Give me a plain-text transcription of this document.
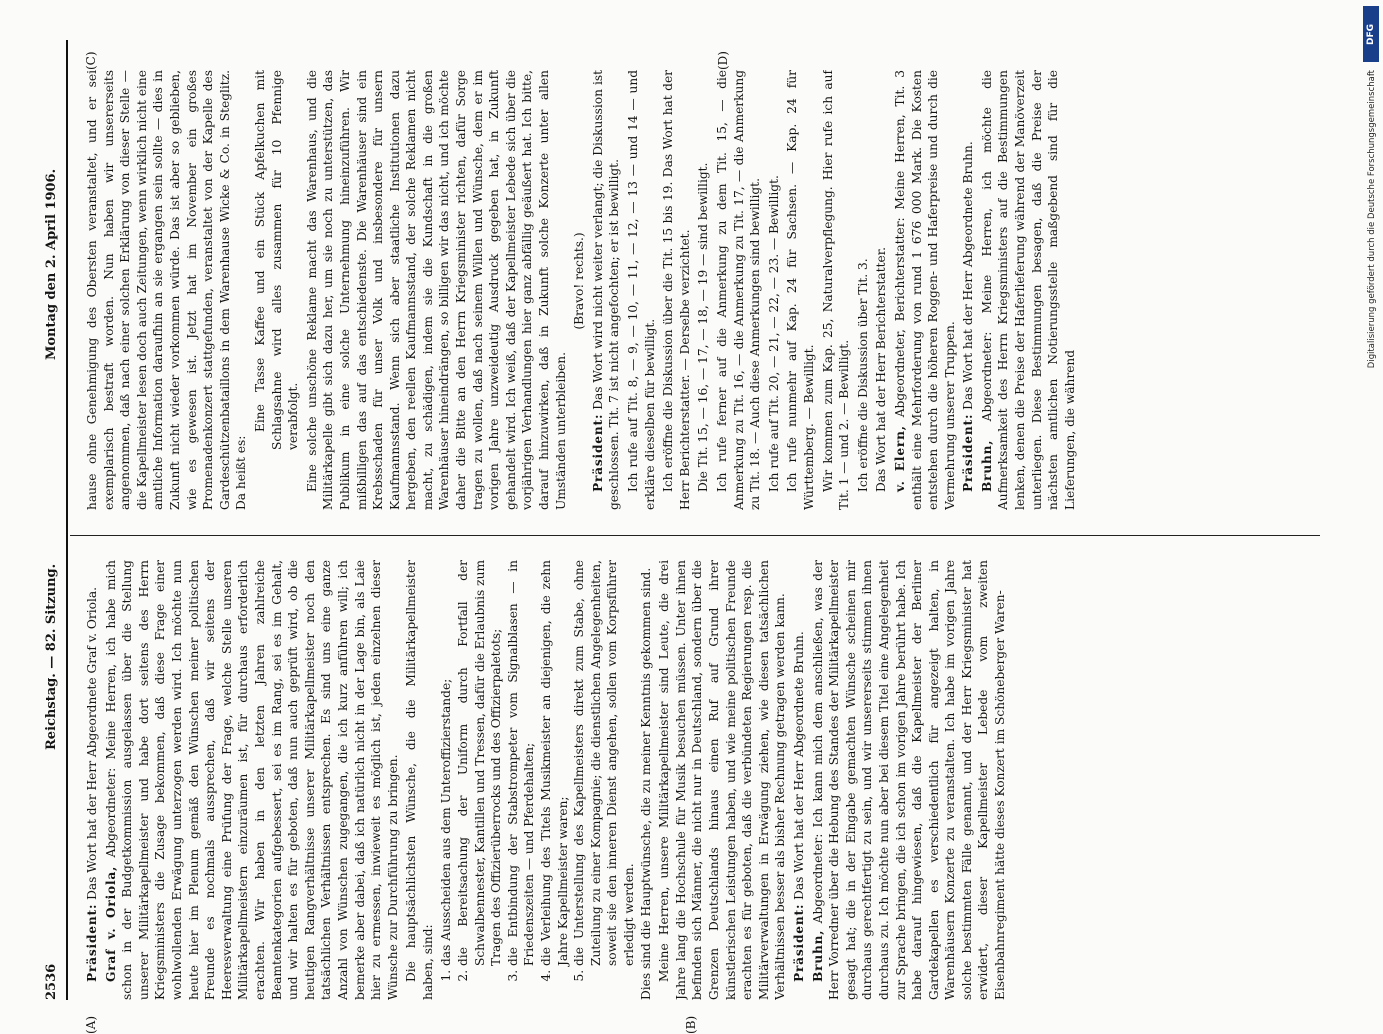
2536
Reichstag. — 82. Sitzung.
Montag den 2. April 1906.
(A)	(B)
(C)	(D)

Präsident: Das Wort hat der Herr Abgeordnete Graf v. Oriola.

Graf v. Oriola, Abgeordneter: Meine Herren, ich habe mich schon in der Budgetkommission ausgelassen über die Stellung unserer Militärkapellmeister und habe dort seitens des Herrn Kriegsministers die Zusage bekommen, daß diese Frage einer wohlwollenden Erwägung unterzogen werden wird. Ich möchte nun heute hier im Plenum gemäß den Wünschen meiner politischen Freunde es nochmals aussprechen, daß wir seitens der Heeresverwaltung eine Prüfung der Frage, welche Stelle unseren Militärkapellmeistern einzuräumen ist, für durchaus erforderlich erachten. Wir haben in den letzten Jahren zahlreiche Beamtenkategorien aufgebessert, sei es im Rang, sei es im Gehalt, und wir halten es für geboten, daß nun auch geprüft wird, ob die heutigen Rangverhältnisse unserer Militärkapellmeister noch den tatsächlichen Verhältnissen entsprechen. Es sind uns eine ganze Anzahl von Wünschen zugegangen, die ich kurz anführen will; ich bemerke aber dabei, daß ich natürlich nicht in der Lage bin, als Laie hier zu ermessen, inwieweit es möglich ist, jeden einzelnen dieser Wünsche zur Durchführung zu bringen. Die hauptsächlichsten Wünsche, die die Militärkapellmeister haben, sind: 1. das Ausscheiden aus dem Unteroffizierstande; 2. die Bereitsachung der Uniform durch Fortfall der Schwalbennester, Kantillen und Tressen, dafür die Erlaubnis zum Tragen des Offizierüberrocks und des Offizierpaletots; 3. die Entbindung der Stabstrompeter vom Signalblasen — in Friedenszeiten — und Pferdehalten; 4. die Verleihung des Titels Musikmeister an diejenigen, die zehn Jahre Kapellmeister waren; 5. die Unterstellung des Kapellmeisters direkt zum Stabe, ohne Zuteilung zu einer Kompagnie; die dienstlichen Angelegenheiten, soweit sie den inneren Dienst angehen, sollen vom Korpsführer erledigt werden. Dies sind die Hauptwünsche, die zu meiner Kenntnis gekommen sind. Meine Herren, unsere Militärkapellmeister sind Leute, die drei Jahre lang die Hochschule für Musik besuchen müssen. Unter ihnen befinden sich Männer, die nicht nur in Deutschland, sondern über die Grenzen Deutschlands hinaus einen Ruf auf Grund ihrer künstlerischen Leistungen haben, und wie meine politischen Freunde erachten es für geboten, daß die verbündeten Regierungen resp. die Militärverwaltungen in Erwägung ziehen, wie diesen tatsächlichen Verhältnissen besser als bisher Rechnung getragen werden kann. Präsident: Das Wort hat der Herr Abgeordnete Bruhn.

Bruhn, Abgeordneter: Ich kann mich dem anschließen, was der Herr Vorredner über die Hebung des Standes der Militärkapellmeister gesagt hat; die in der Eingabe gemachten Wünsche scheinen mir durchaus gerechtfertigt zu sein, und wir unsererseits stimmen ihnen durchaus zu. Ich möchte nun aber bei diesem Titel eine Angelegenheit zur Sprache bringen, die ich schon im vorigen Jahre berührt habe. Ich habe darauf hingewiesen, daß die Kapellmeister der Berliner Gardekapellen es verschiedentlich für angezeigt halten, in Warenhäusern Konzerte zu veranstalten. Ich habe im vorigen Jahre solche bestimmten Fälle genannt, und der Herr Kriegsminister hat erwidert, dieser Kapellmeister Lebede vom zweiten Eisenbahnregiment hätte dieses Konzert im Schöneberger Waren-

hause ohne Genehmigung des Obersten veranstaltet, und er sei exemplarisch bestraft worden. Nun haben wir unsererseits angenommen, daß nach einer solchen Erklärung von dieser Stelle — die Kapellmeister lesen doch auch Zeitungen, wenn wirklich nicht eine amtliche Information daraufhin an sie ergangen sein sollte — dies in Zukunft nicht wieder vorkommen würde. Das ist aber so geblieben, wie es gewesen ist. Jetzt hat im November ein großes Promenadenkonzert stattgefunden, veranstaltet von der Kapelle des Gardeschützenbataillons in dem Warenhause Wicke & Co. in Steglitz. Da heißt es:

Eine Tasse Kaffee und ein Stück Apfelkuchen mit Schlagsahne wird alles zusammen für 10 Pfennige verabfolgt. Eine solche unschöne Reklame macht das Warenhaus, und die Militärkapelle gibt sich dazu her, um sie noch zu unterstützen, das Publikum in eine solche Unternehmung hineinzuführen. Wir mißbilligen das auf das entschiedenste. Die Warenhäuser sind ein Krebsschaden für unser Volk und insbesondere für unsern Kaufmannsstand. Wenn sich aber staatliche Institutionen dazu hergeben, den reellen Kaufmannsstand, der solche Reklamen nicht macht, zu schädigen, indem sie die Kundschaft in die großen Warenhäuser hineindrängen, so billigen wir das nicht, und ich möchte daher die Bitte an den Herrn Kriegsminister richten, dafür Sorge tragen zu wollen, daß nach seinem Willen und Wünsche, dem er im vorigen Jahre unzweideutig Ausdruck gegeben hat, in Zukunft gehandelt wird. Ich weiß, daß der Kapellmeister Lebede sich über die vorjährigen Verhandlungen hier ganz abfällig geäußert hat. Ich bitte, darauf hinzuwirken, daß in Zukunft solche Konzerte unter allen Umständen unterbleiben.

(Bravo! rechts.)

Präsident: Das Wort wird nicht weiter verlangt; die Diskussion ist geschlossen. Tit. 7 ist nicht angefochten; er ist bewilligt. Ich rufe auf Tit. 8, — 9, — 10, — 11, — 12, — 13 — und 14 — und erkläre dieselben für bewilligt. Ich eröffne die Diskussion über die Tit. 15 bis 19. Das Wort hat der Herr Berichterstatter. — Derselbe verzichtet. Die Tit. 15, — 16, — 17, — 18, — 19 — sind bewilligt. Ich rufe ferner auf die Anmerkung zu dem Tit. 15, — die Anmerkung zu Tit. 16, — die Anmerkung zu Tit. 17, — die Anmerkung zu Tit. 18. — Auch diese Anmerkungen sind bewilligt. Ich rufe auf Tit. 20, — 21, — 22, — 23. — Bewilligt. Ich rufe nunmehr auf Kap. 24 für Sachsen. — Kap. 24 für Württemberg. — Bewilligt. Wir kommen zum Kap. 25, Naturalverpflegung. Hier rufe ich auf Tit. 1 — und 2. — Bewilligt. Ich eröffne die Diskussion über Tit. 3. Das Wort hat der Herr Berichterstatter. v. Elern, Abgeordneter, Berichterstatter: Meine Herren, Tit. 3 enthält eine Mehrforderung von rund 1 676 000 Mark. Die Kosten entstehen durch die höheren Roggen- und Haferpreise und durch die Vermehrung unserer Truppen. Präsident: Das Wort hat der Herr Abgeordnete Bruhn.

Bruhn, Abgeordneter: Meine Herren, ich möchte die Aufmerksamkeit des Herrn Kriegsministers auf die Bestimmungen lenken, denen die Preise der Haferlieferung während der Manöverzeit unterliegen. Diese Bestimmungen besagen, daß die Preise der nächsten amtlichen Notierungsstelle maßgebend sind für die Lieferungen, die während

DFG
Digitalisierung gefördert durch die Deutsche Forschungsgemeinschaft
